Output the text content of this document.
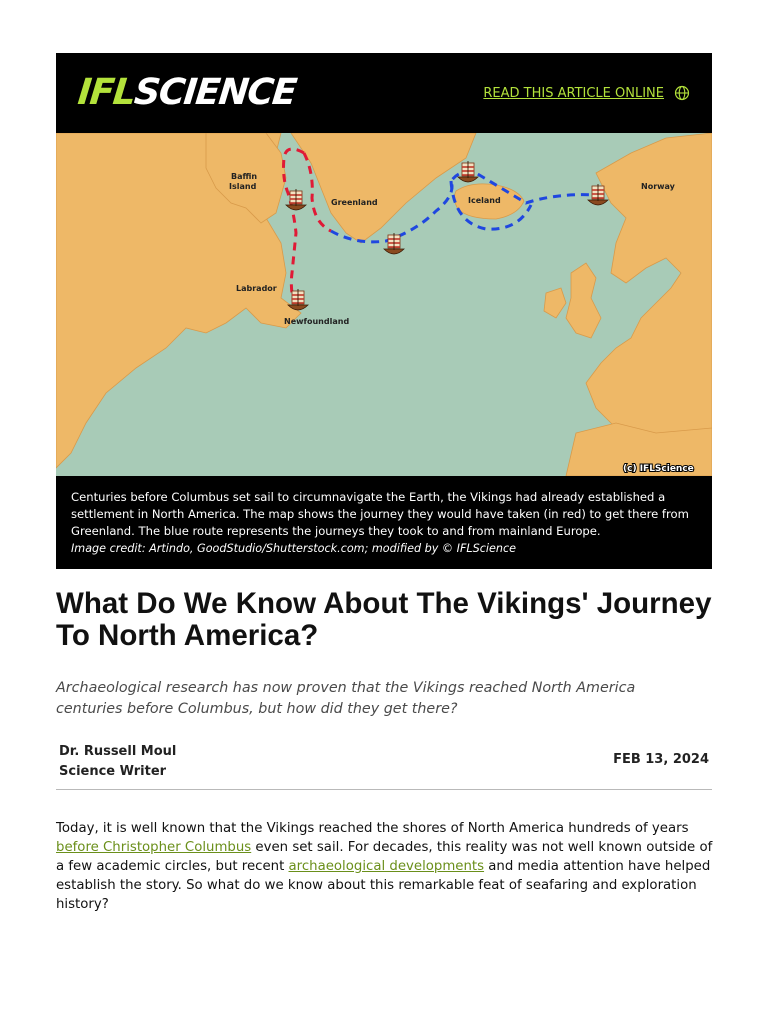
IFLSCIENCE	READ THIS ARTICLE ONLINE
Baffin
Island
Greenland	Iceland
Norway
Labrador
Newfoundland
(c) IFLScience
Centuries before Columbus set sail to circumnavigate the Earth, the Vikings had already established a settlement in North America. The map shows the journey they would have taken (in red) to get there from Greenland. The blue route represents the journeys they took to and from mainland Europe.
Image credit: Artindo, GoodStudio/Shutterstock.com; modified by © IFLScience
What Do We Know About The Vikings' Journey To North America?

Archaeological research has now proven that the Vikings reached North America centuries before Columbus, but how did they get there?

Dr. Russell Moul
Science Writer
FEB 13, 2024

Today, it is well known that the Vikings reached the shores of North America hundreds of years before Christopher Columbus even set sail. For decades, this reality was not well known outside of a few academic circles, but recent archaeological developments and media attention have helped establish the story. So what do we know about this remarkable feat of seafaring and exploration history?
